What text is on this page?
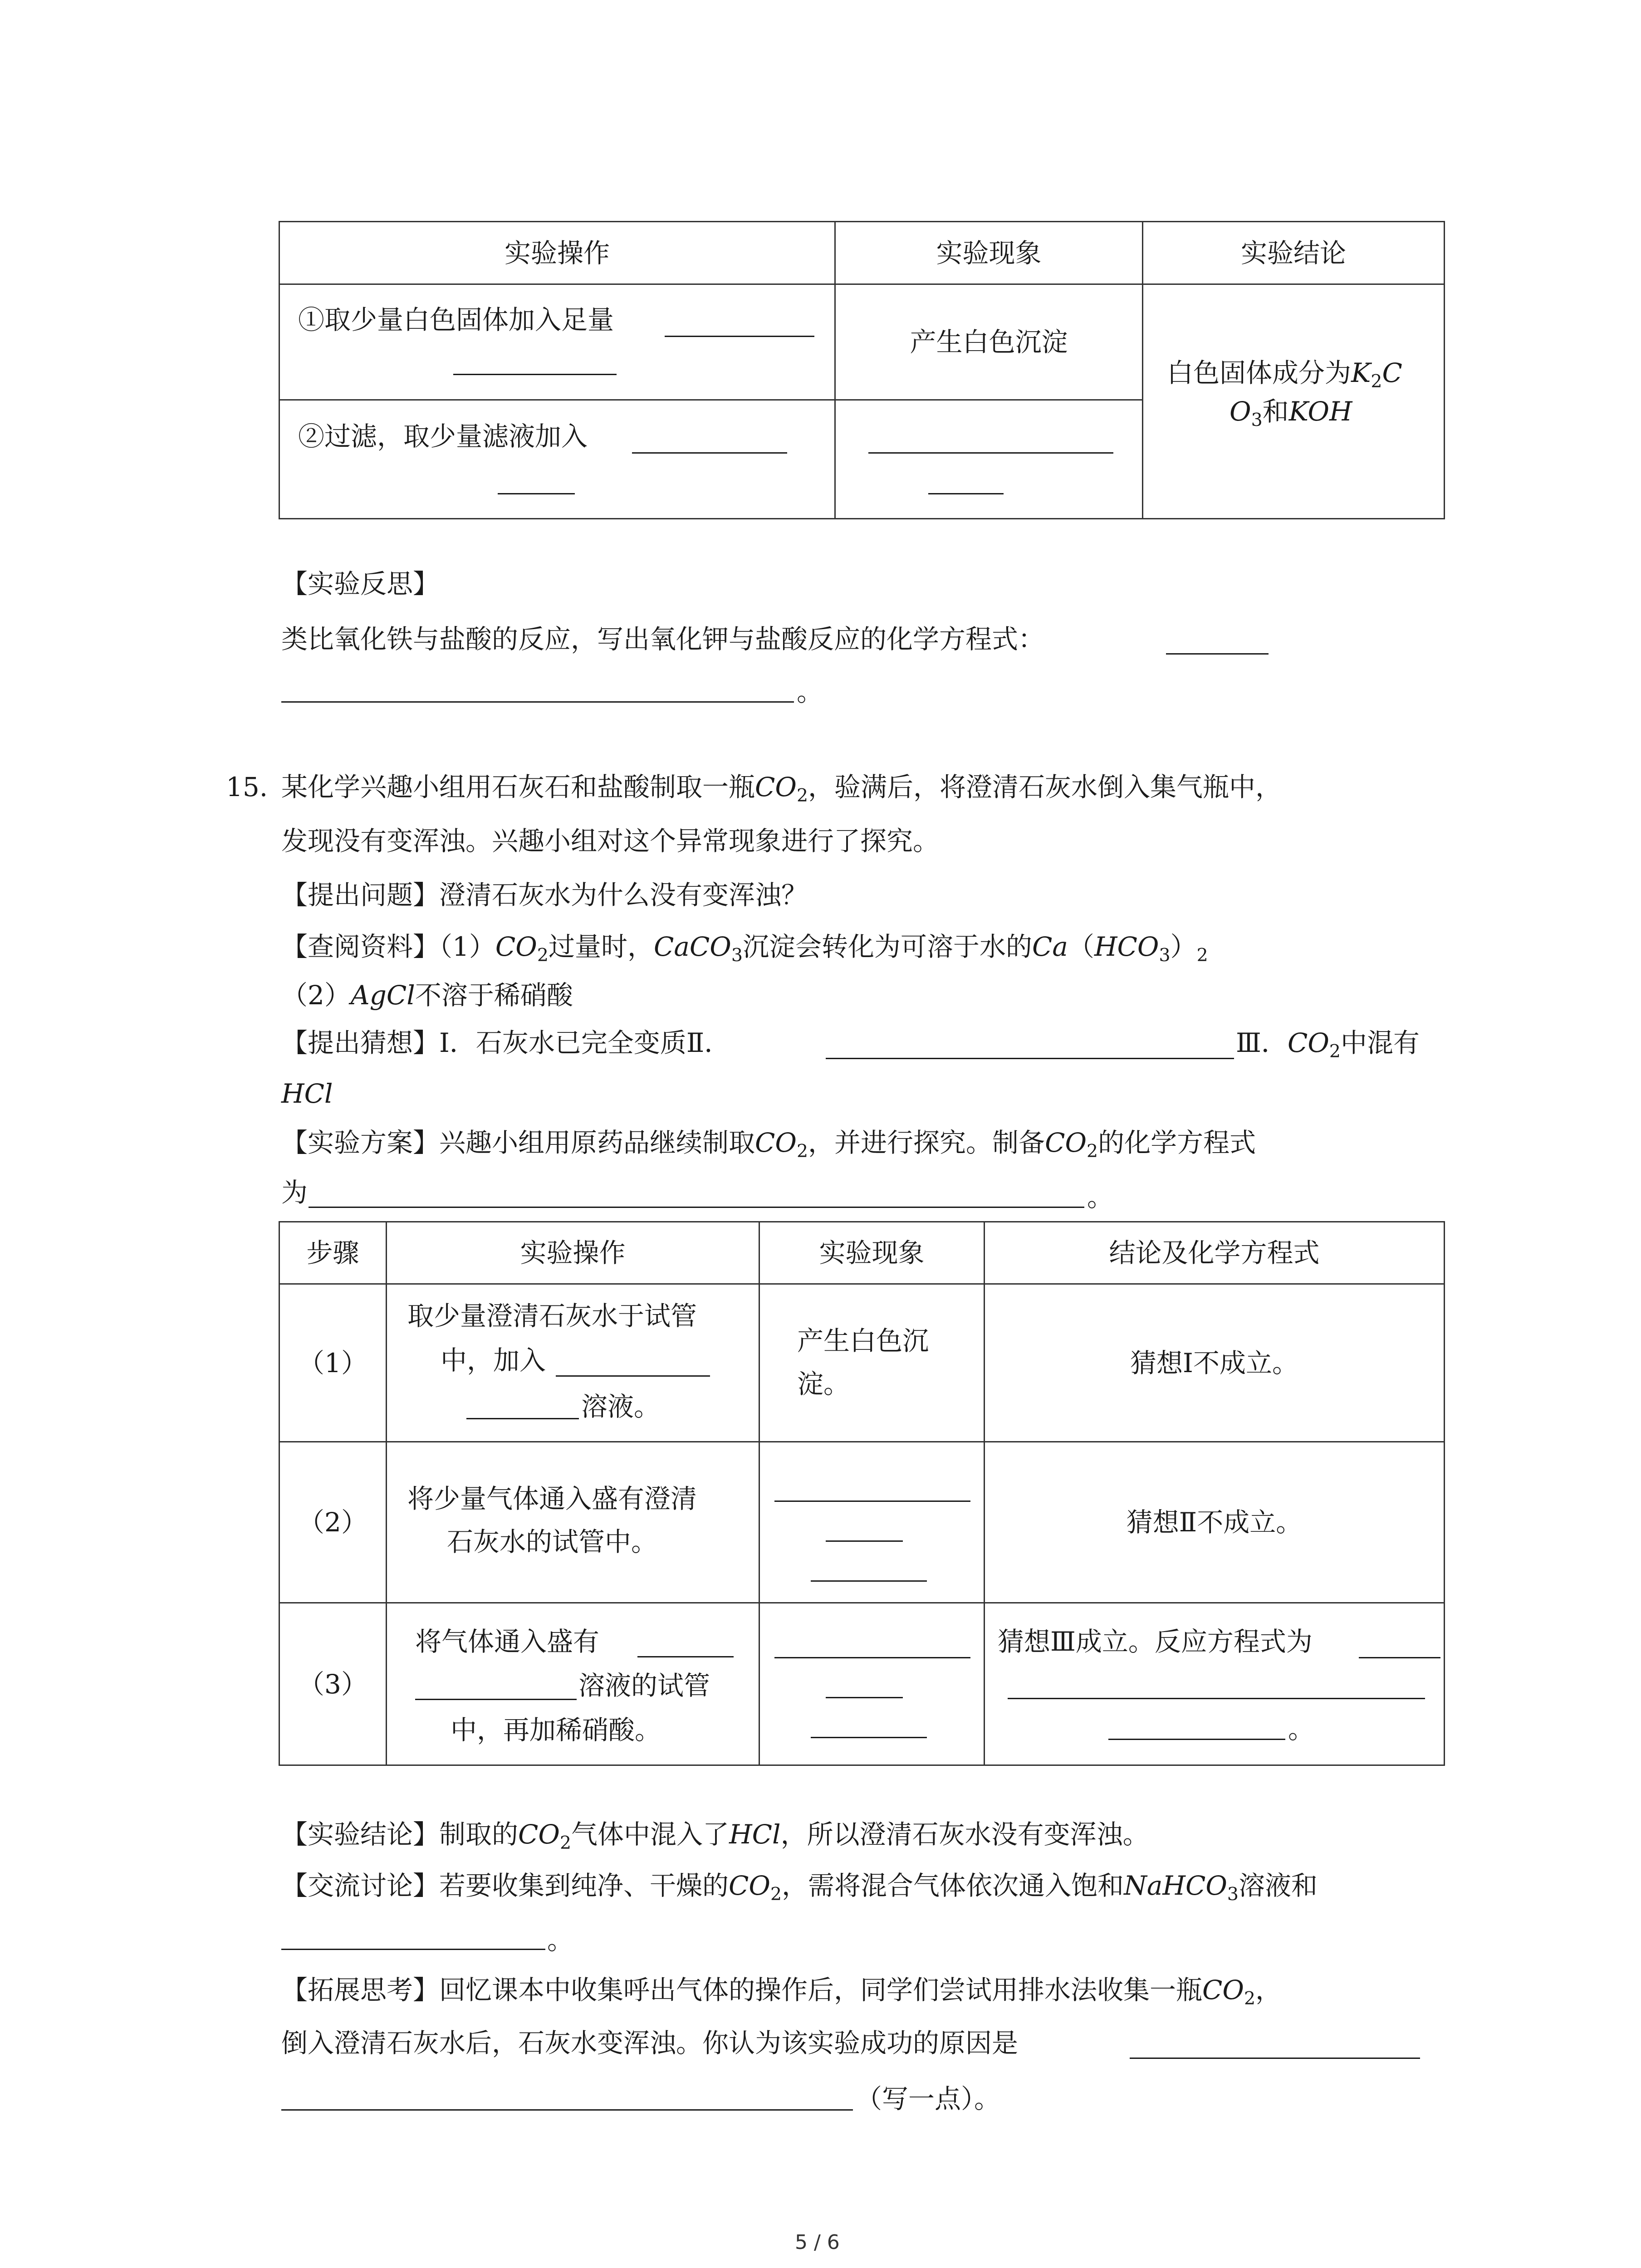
实验操作	实验现象	实验结论

①取少量白色固体加入足量	产生白色沉淀	白色固体成分为$K_2C$
$O_3$和KOH

②过滤，取少量滤液加入		

【实验反思】
类比氧化铁与盐酸的反应，写出氧化钾与盐酸反应的化学方程式：
。
15. 某化学兴趣小组用石灰石和盐酸制取一瓶$CO_2$，验满后，将澄清石灰水倒入集气瓶中，
发现没有变浑浊。兴趣小组对这个异常现象进行了探究。
【提出问题】澄清石灰水为什么没有变浑浊？
【查阅资料】$(1)CO_2$过量时，CaCO$_3$沉淀会转化为可溶于水的$Ca(HCO_3)_2$
（2）AgCl不溶于稀硝酸
【提出猜想】Ⅰ．石灰水已完全变质Ⅱ．	Ⅲ．$CO_2$中混有
HCl
【实验方案】兴趣小组用原药品继续制取$CO_2$，并进行探究。制备$CO_2$的化学方程式
为	。
步骤	实验操作	实验现象	结论及化学方程式
（1）	取少量澄清石灰水于试管
中，加入
溶液。	产生白色沉
淀。	猜想Ⅰ不成立。
（2）	将少量气体通入盛有澄清
石灰水的试管中。		猜想Ⅱ不成立。
（3）	将气体通入盛有
溶液的试管
中，再加稀硝酸。		猜想Ⅲ成立。反应方程式为
。
【实验结论】制取的$CO_2$气体中混入了HCl，所以澄清石灰水没有变浑浊。
【交流讨论】若要收集到纯净、干燥的$CO_2$，需将混合气体依次通入饱和NaHCO$_3$溶液和
。
【拓展思考】回忆课本中收集呼出气体的操作后，同学们尝试用排水法收集一瓶$CO_2$，
倒入澄清石灰水后，石灰水变浑浊。你认为该实验成功的原因是
（写一点）。
5 / 6
